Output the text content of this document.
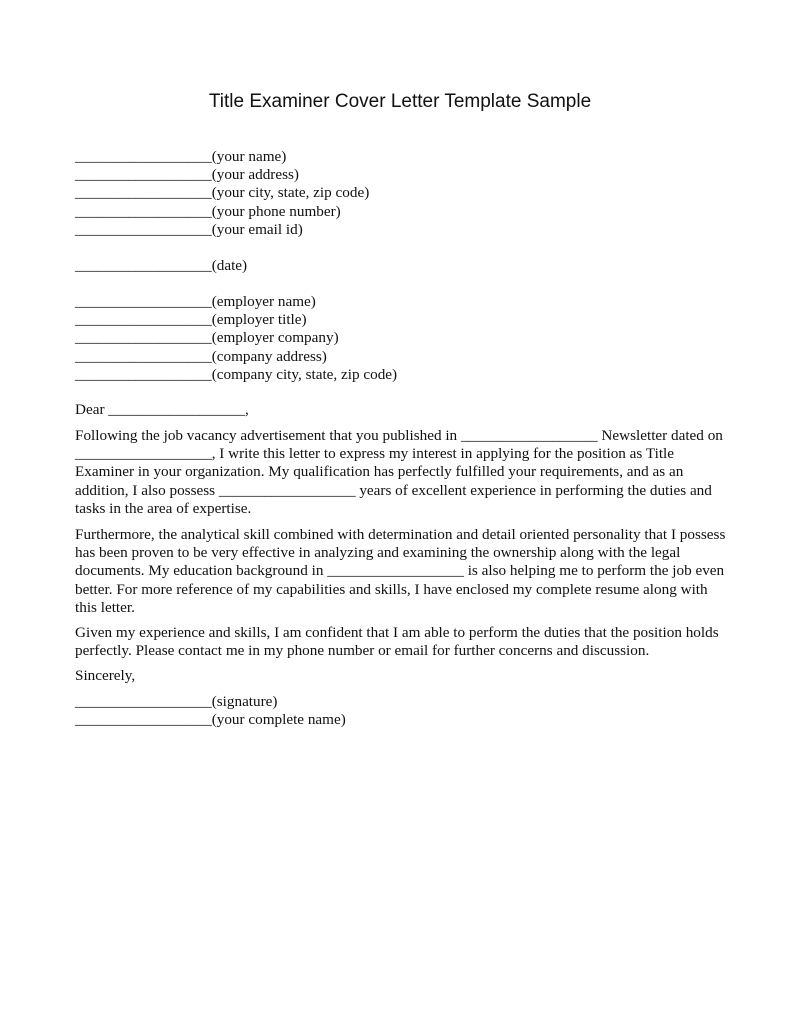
Title Examiner Cover Letter Template Sample
__________________(your name)
__________________(your address)
__________________(your city, state, zip code)
__________________(your phone number)
__________________(your email id)
__________________(date)
__________________(employer name)
__________________(employer title)
__________________(employer company)
__________________(company address)
__________________(company city, state, zip code)
Dear __________________,

Following the job vacancy advertisement that you published in __________________ Newsletter dated on __________________, I write this letter to express my interest in applying for the position as Title Examiner in your organization. My qualification has perfectly fulfilled your requirements, and as an addition, I also possess __________________ years of excellent experience in performing the duties and tasks in the area of expertise.

Furthermore, the analytical skill combined with determination and detail oriented personality that I possess has been proven to be very effective in analyzing and examining the ownership along with the legal documents. My education background in __________________ is also helping me to perform the job even better. For more reference of my capabilities and skills, I have enclosed my complete resume along with this letter.

Given my experience and skills, I am confident that I am able to perform the duties that the position holds perfectly. Please contact me in my phone number or email for further concerns and discussion.

Sincerely,
__________________(signature)
__________________(your complete name)
